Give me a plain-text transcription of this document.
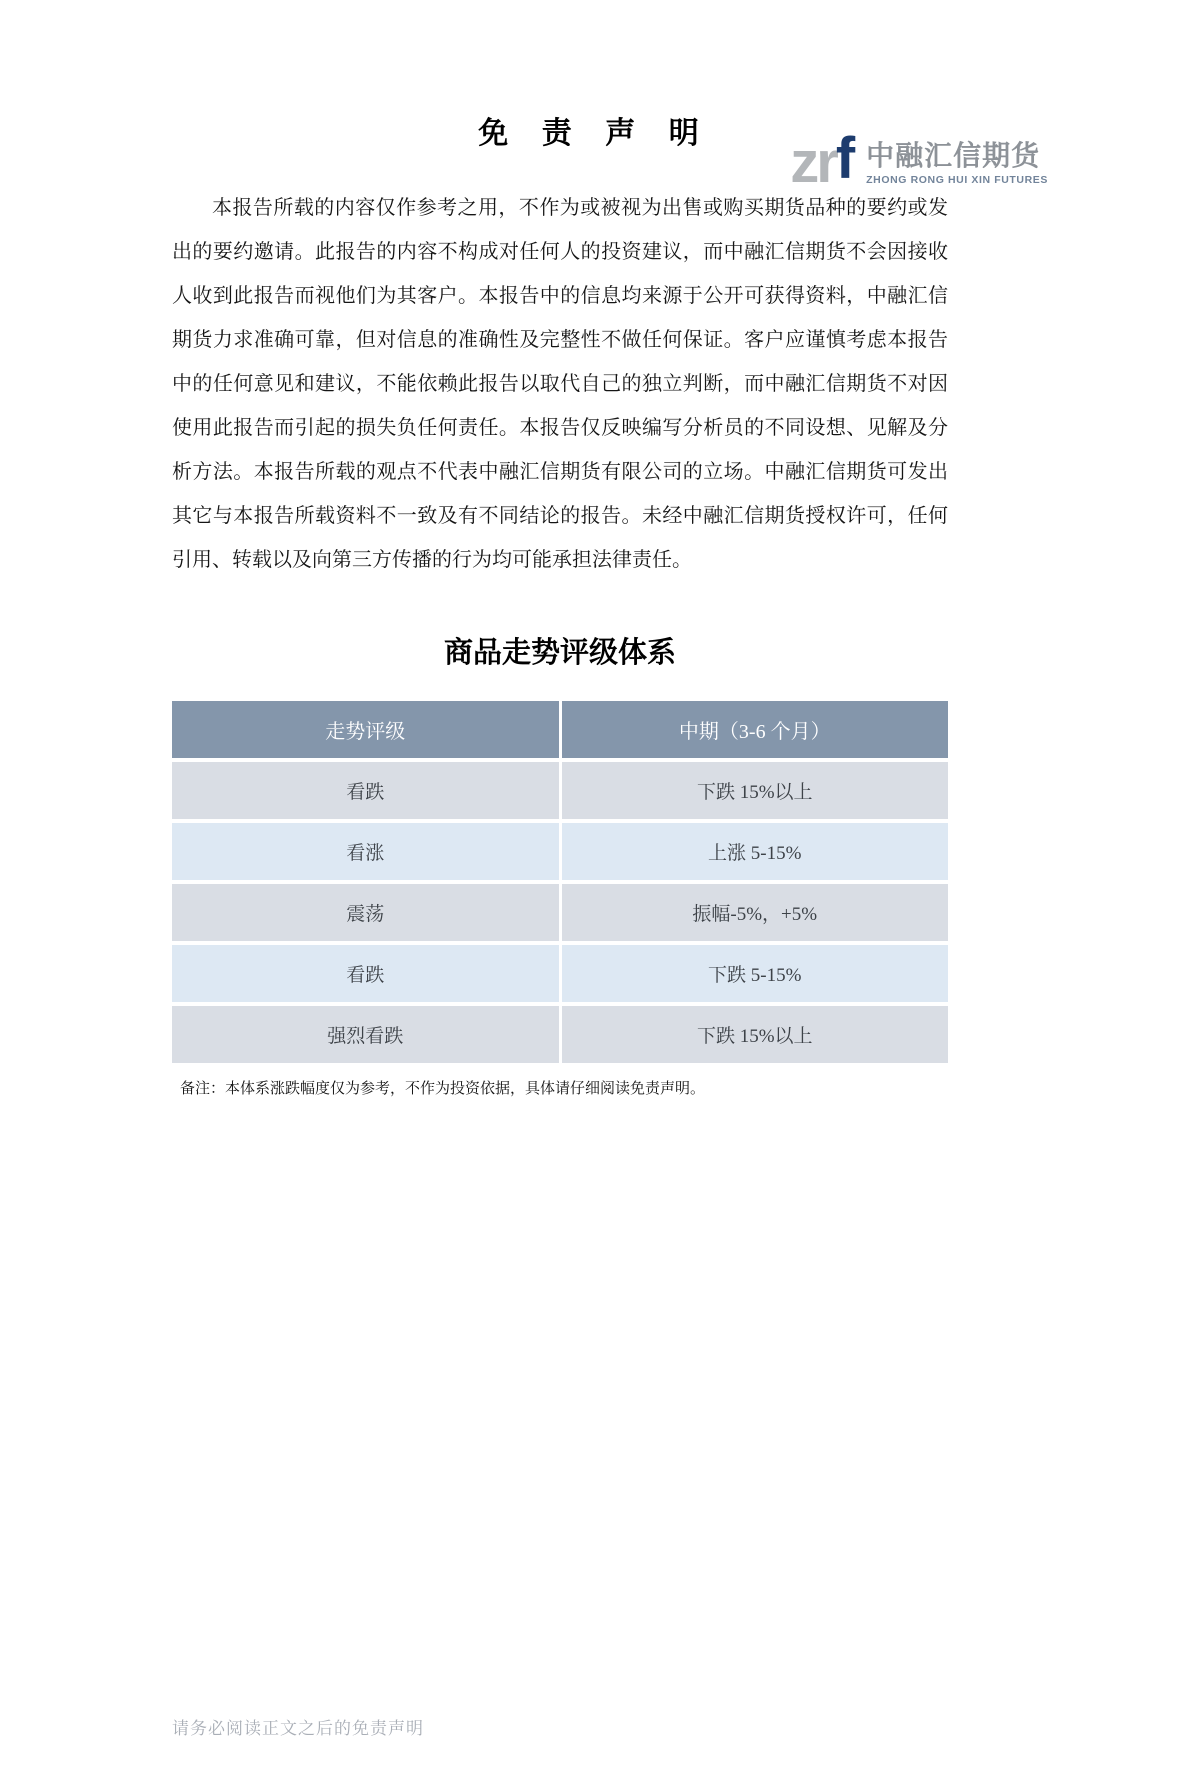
zr f 中融汇信期货
ZHONG RONG HUI XIN FUTURES
免 责 声 明

本报告所载的内容仅作参考之用，不作为或被视为出售或购买期货品种的要约或发出的要约邀请。此报告的内容不构成对任何人的投资建议，而中融汇信期货不会因接收人收到此报告而视他们为其客户。本报告中的信息均来源于公开可获得资料，中融汇信期货力求准确可靠，但对信息的准确性及完整性不做任何保证。客户应谨慎考虑本报告中的任何意见和建议，不能依赖此报告以取代自己的独立判断，而中融汇信期货不对因使用此报告而引起的损失负任何责任。本报告仅反映编写分析员的不同设想、见解及分析方法。本报告所载的观点不代表中融汇信期货有限公司的立场。中融汇信期货可发出其它与本报告所载资料不一致及有不同结论的报告。未经中融汇信期货授权许可，任何引用、转载以及向第三方传播的行为均可能承担法律责任。

商品走势评级体系
走势评级	中期（3-6 个月）
看跌	下跌 15%以上
看涨	上涨 5-15%
震荡	振幅-5%，+5%
看跌	下跌 5-15%
强烈看跌	下跌 15%以上

备注：本体系涨跌幅度仅为参考，不作为投资依据，具体请仔细阅读免责声明。

请务必阅读正文之后的免责声明
